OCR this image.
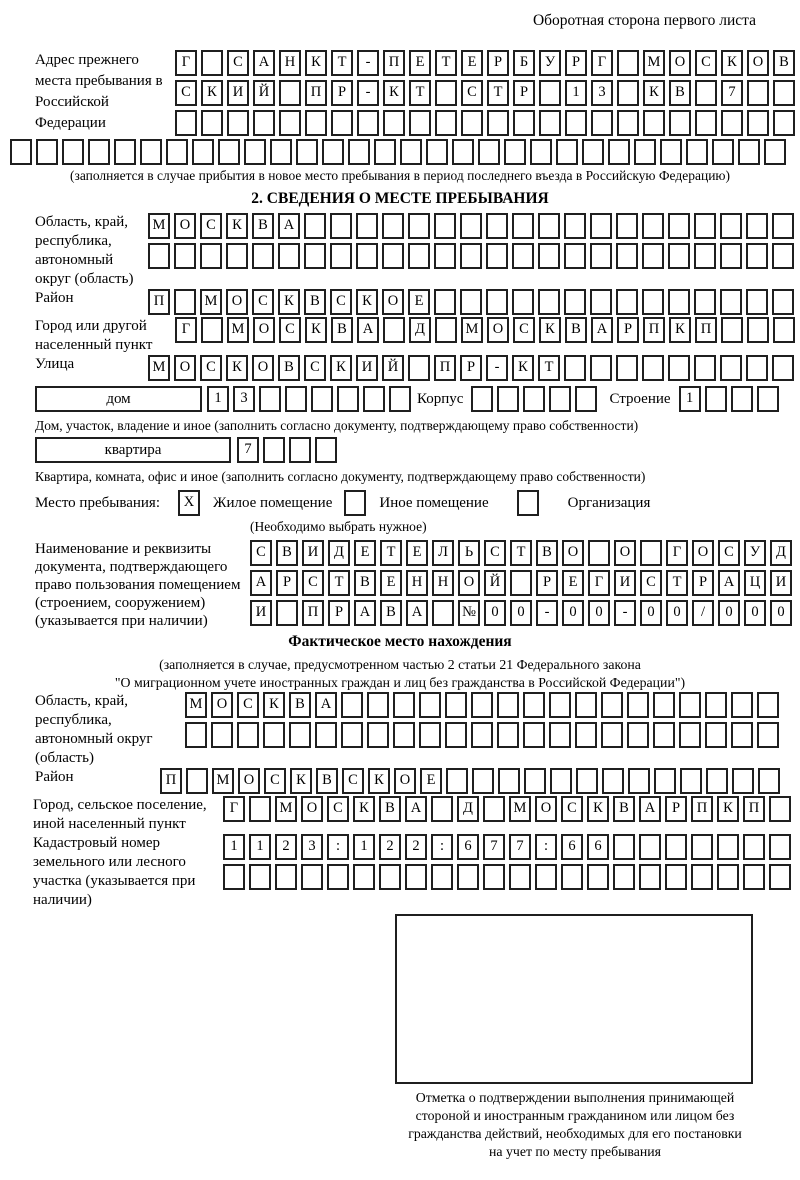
Оборотная сторона первого листа
Адрес прежнего места пребывания в Российской Федерации
Г	С А Н К Т - П Е Т Е Р Б У Р Г	М О С К О В
С К И Й	П Р - К Т	С Т Р	1 3	К В	7
(заполняется в случае прибытия в новое место пребывания в период последнего въезда в Российскую Федерацию)
2. СВЕДЕНИЯ О МЕСТЕ ПРЕБЫВАНИЯ
Область, край, республика, автономный округ (область)
М О С К В А
Район	П	М О С К В С К О Е
Город или другой населенный пункт
Г	М О С К В А	Д	М О С К В А Р П К П
Улица	М О С К О В С К И Й	П Р - К Т
дом	1 3	Корпус	Строение 1
Дом, участок, владение и иное (заполнить согласно документу, подтверждающему право собственности)
квартира	7
Квартира, комната, офис и иное (заполнить согласно документу, подтверждающему право собственности)
Место пребывания:	Х	Жилое помещение	Иное помещение	Организация
(Необходимо выбрать нужное)
Наименование и реквизиты документа, подтверждающего право пользования помещением (строением, сооружением) (указывается при наличии)
С В И Д Е Т Е Л Ь С Т В О	О	Г О С У Д
А Р С Т В Е Н Н О Й	Р Е Г И С Т Р А Ц И
И	П Р А В А	№ 0 0 - 0 0 - 0 0 / 0 0 0
Фактическое место нахождения
(заполняется в случае, предусмотренном частью 2 статьи 21 Федерального закона
"О миграционном учете иностранных граждан и лиц без гражданства в Российской Федерации")
Область, край, республика, автономный округ (область)
М О С К В А
Район	П	М О С К В С К О Е
Город, сельское поселение, иной населенный пункт
Г	М О С К В А	Д	М О С К В А Р П К П
Кадастровый номер земельного или лесного участка (указывается при наличии)
1 1 2 3 : 1 2 2 : 6 7 7 : 6 6
Отметка о подтверждении выполнения принимающей
стороной и иностранным гражданином или лицом без
гражданства действий, необходимых для его постановки
на учет по месту пребывания
